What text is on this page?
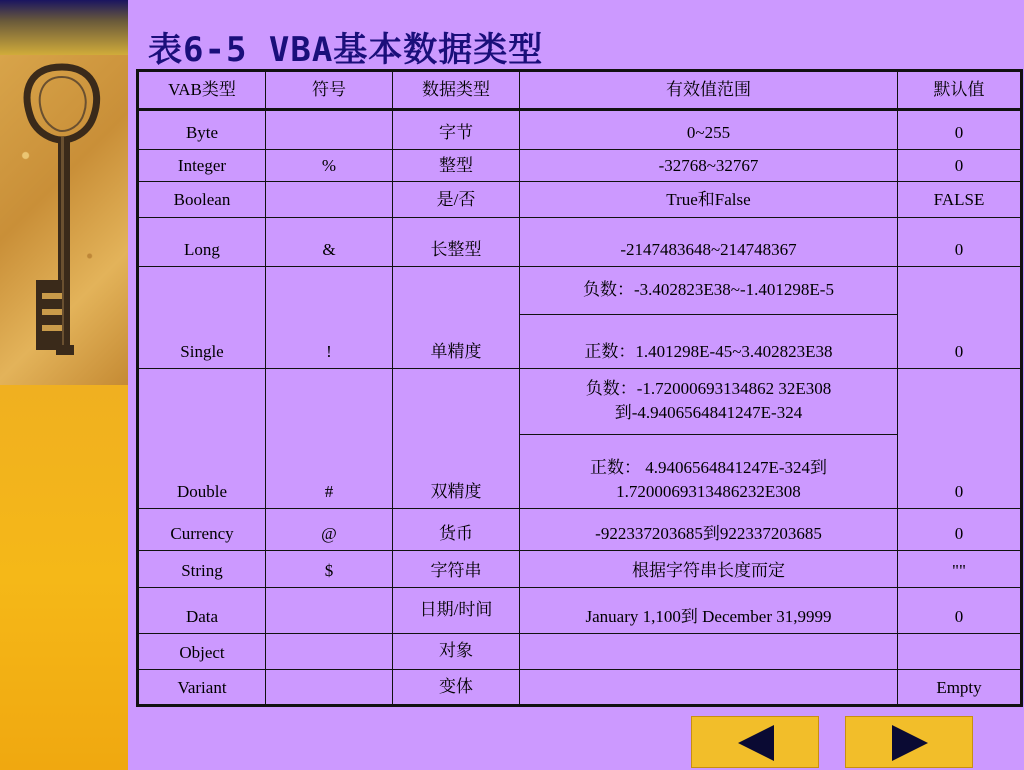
表6-5 VBA基本数据类型
VAB类型	符号	数据类型	有效值范围	默认值
Byte		字节	0~255	0
Integer	%	整型	-32768~32767	0
Boolean		是/否	True和False	FALSE
Long	&	长整型	-2147483648~214748367	0
Single	!	单精度	负数：-3.402823E38~-1.401298E-5	0
			正数：1.401298E-45~3.402823E38	
Double	#	双精度	负数：-1.72000693134862 32E308到-4.9406564841247E-324	0
			正数： 4.9406564841247E-324到1.7200069313486232E308	
Currency	@	货币	-922337203685到922337203685	0
String	$	字符串	根据字符串长度而定	""
Data		日期/时间	January 1,100到 December 31,9999	0
Object		对象		
Variant		变体		Empty
